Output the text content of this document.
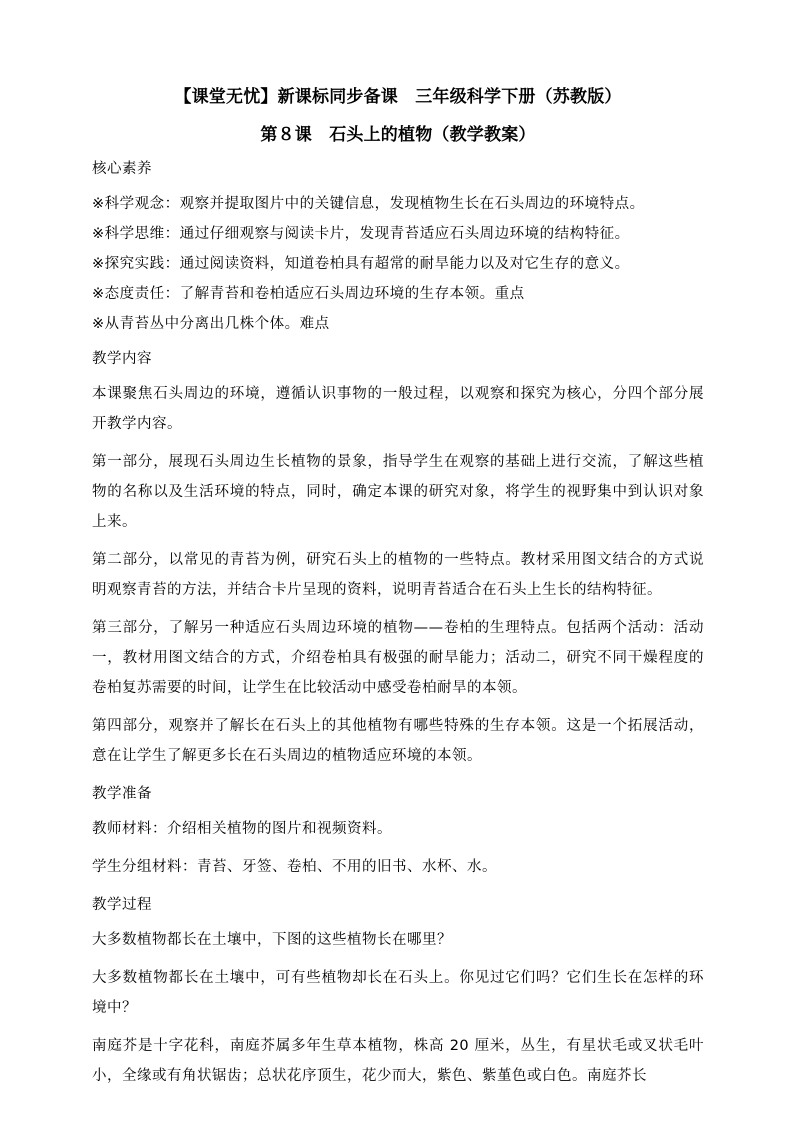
【课堂无忧】新课标同步备课　三年级科学下册（苏教版）

第８课　石头上的植物（教学教案）

核心素养
※科学观念：观察并提取图片中的关键信息，发现植物生长在石头周边的环境特点。
※科学思维：通过仔细观察与阅读卡片，发现青苔适应石头周边环境的结构特征。
※探究实践：通过阅读资料，知道卷柏具有超常的耐旱能力以及对它生存的意义。
※态度责任：了解青苔和卷柏适应石头周边环境的生存本领。重点
※从青苔丛中分离出几株个体。难点
教学内容

本课聚焦石头周边的环境，遵循认识事物的一般过程，以观察和探究为核心，分四个部分展开教学内容。

第一部分，展现石头周边生长植物的景象，指导学生在观察的基础上进行交流，了解这些植物的名称以及生活环境的特点，同时，确定本课的研究对象，将学生的视野集中到认识对象上来。

第二部分，以常见的青苔为例，研究石头上的植物的一些特点。教材采用图文结合的方式说明观察青苔的方法，并结合卡片呈现的资料，说明青苔适合在石头上生长的结构特征。

第三部分，了解另一种适应石头周边环境的植物——卷柏的生理特点。包括两个活动：活动一，教材用图文结合的方式，介绍卷柏具有极强的耐旱能力；活动二，研究不同干燥程度的卷柏复苏需要的时间，让学生在比较活动中感受卷柏耐旱的本领。

第四部分，观察并了解长在石头上的其他植物有哪些特殊的生存本领。这是一个拓展活动，意在让学生了解更多长在石头周边的植物适应环境的本领。

教学准备

教师材料：介绍相关植物的图片和视频资料。

学生分组材料：青苔、牙签、卷柏、不用的旧书、水杯、水。

教学过程

大多数植物都长在土壤中，下图的这些植物长在哪里？

大多数植物都长在土壤中，可有些植物却长在石头上。你见过它们吗？它们生长在怎样的环境中？

南庭芥是十字花科，南庭芥属多年生草本植物，株高 20 厘米，丛生，有星状毛或叉状毛叶小，全缘或有角状锯齿；总状花序顶生，花少而大，紫色、紫堇色或白色。南庭芥长
